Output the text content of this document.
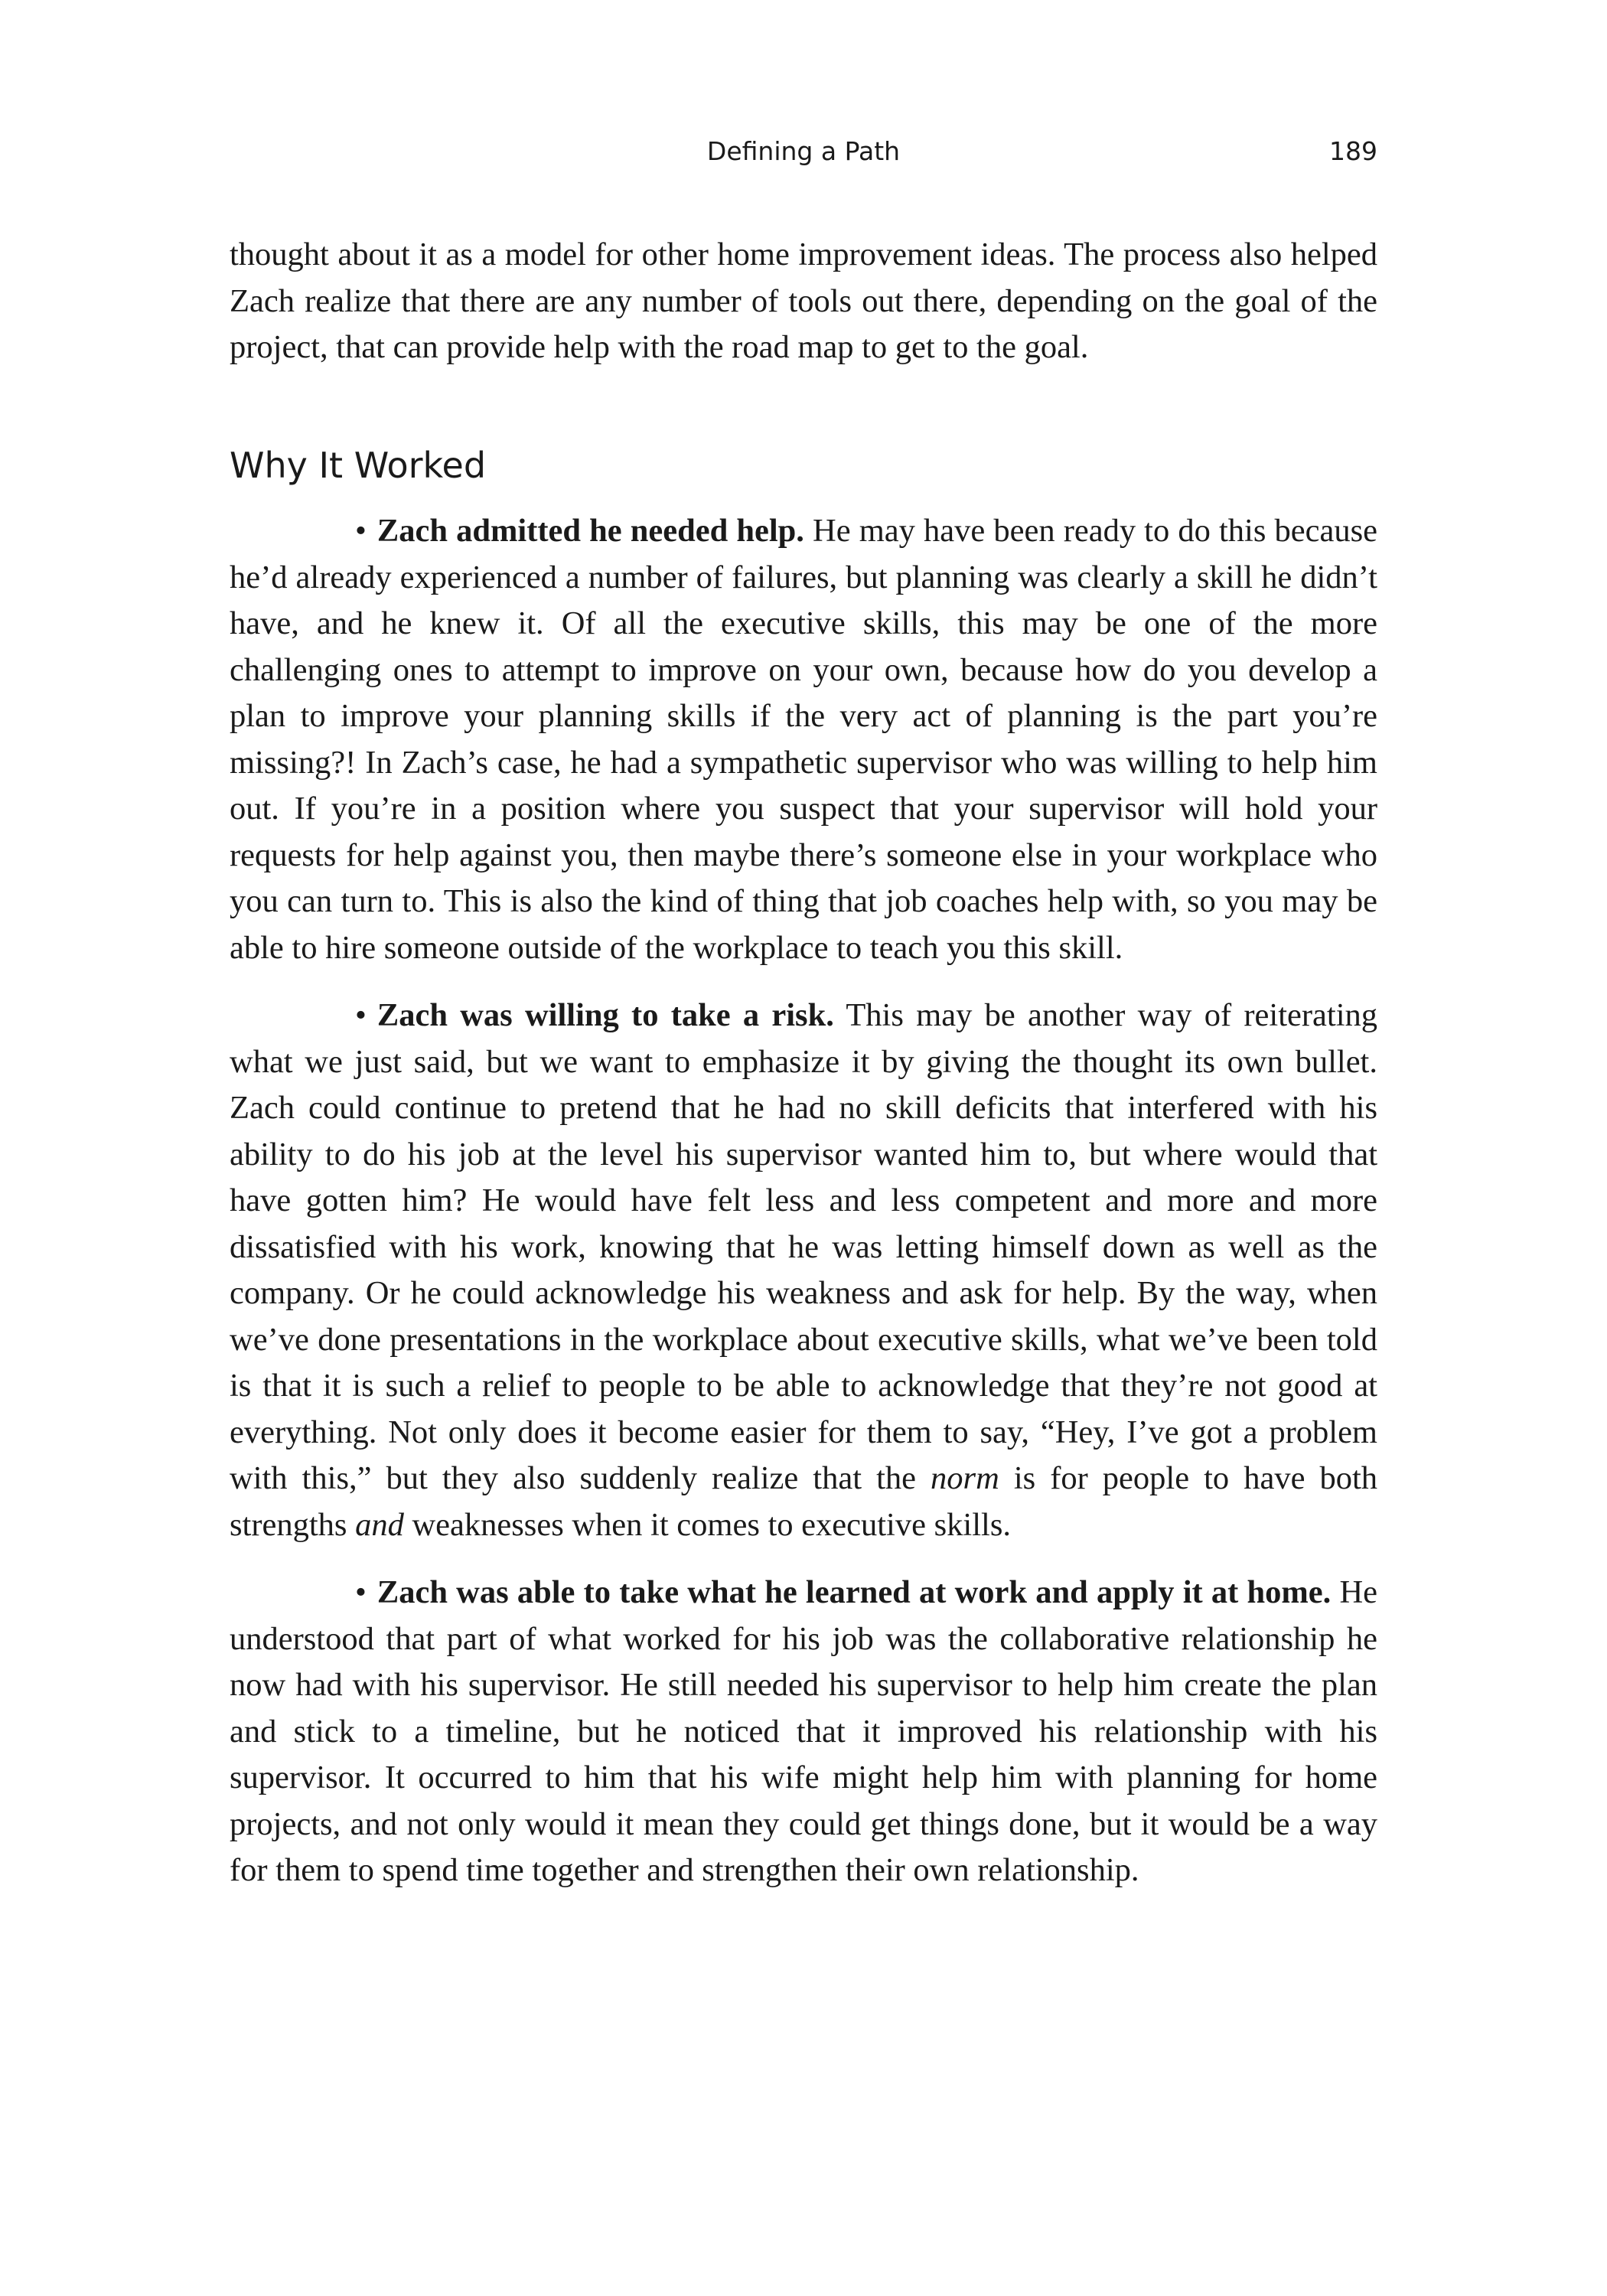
Defining a Path	189

thought about it as a model for other home improvement ideas. The process also helped Zach realize that there are any number of tools out there, depending on the goal of the project, that can provide help with the road map to get to the goal.

Why It Worked

• Zach admitted he needed help. He may have been ready to do this because he’d already experienced a number of failures, but planning was clearly a skill he didn’t have, and he knew it. Of all the executive skills, this may be one of the more challenging ones to attempt to improve on your own, because how do you develop a plan to improve your planning skills if the very act of planning is the part you’re missing?! In Zach’s case, he had a sympathetic supervisor who was willing to help him out. If you’re in a position where you suspect that your supervisor will hold your requests for help against you, then maybe there’s someone else in your workplace who you can turn to. This is also the kind of thing that job coaches help with, so you may be able to hire someone outside of the workplace to teach you this skill.

• Zach was willing to take a risk. This may be another way of reiterating what we just said, but we want to emphasize it by giving the thought its own bullet. Zach could continue to pretend that he had no skill deficits that interfered with his ability to do his job at the level his supervisor wanted him to, but where would that have gotten him? He would have felt less and less competent and more and more dissatisfied with his work, knowing that he was letting himself down as well as the company. Or he could acknowledge his weakness and ask for help. By the way, when we’ve done presentations in the workplace about executive skills, what we’ve been told is that it is such a relief to people to be able to acknowledge that they’re not good at everything. Not only does it become easier for them to say, “Hey, I’ve got a problem with this,” but they also suddenly realize that the norm is for people to have both strengths and weaknesses when it comes to executive skills.

• Zach was able to take what he learned at work and apply it at home. He understood that part of what worked for his job was the collaborative relationship he now had with his supervisor. He still needed his supervisor to help him create the plan and stick to a timeline, but he noticed that it improved his relationship with his supervisor. It occurred to him that his wife might help him with planning for home projects, and not only would it mean they could get things done, but it would be a way for them to spend time together and strengthen their own relationship.
